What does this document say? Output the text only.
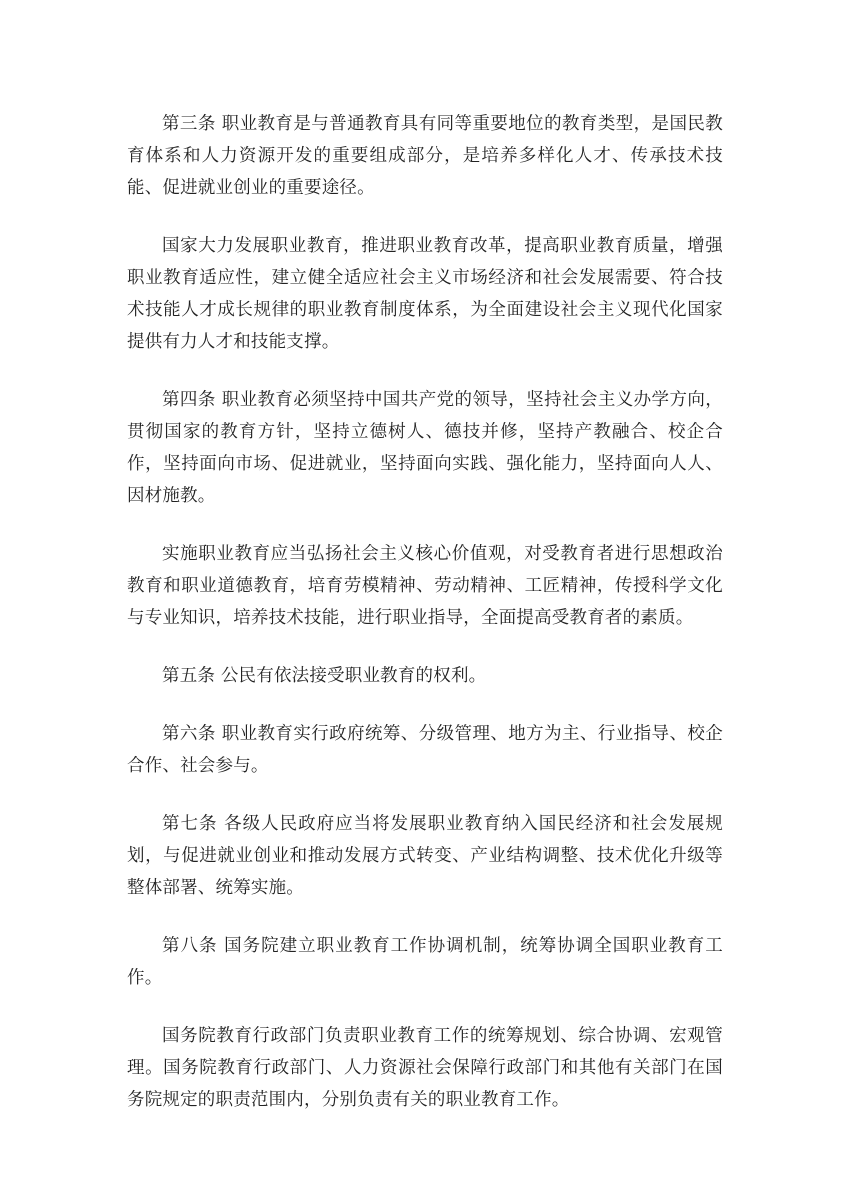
第三条 职业教育是与普通教育具有同等重要地位的教育类型，是国民教育体系和人力资源开发的重要组成部分，是培养多样化人才、传承技术技能、促进就业创业的重要途径。

国家大力发展职业教育，推进职业教育改革，提高职业教育质量，增强职业教育适应性，建立健全适应社会主义市场经济和社会发展需要、符合技术技能人才成长规律的职业教育制度体系，为全面建设社会主义现代化国家提供有力人才和技能支撑。

第四条 职业教育必须坚持中国共产党的领导，坚持社会主义办学方向，贯彻国家的教育方针，坚持立德树人、德技并修，坚持产教融合、校企合作，坚持面向市场、促进就业，坚持面向实践、强化能力，坚持面向人人、因材施教。

实施职业教育应当弘扬社会主义核心价值观，对受教育者进行思想政治教育和职业道德教育，培育劳模精神、劳动精神、工匠精神，传授科学文化与专业知识，培养技术技能，进行职业指导，全面提高受教育者的素质。

第五条 公民有依法接受职业教育的权利。

第六条 职业教育实行政府统筹、分级管理、地方为主、行业指导、校企合作、社会参与。

第七条 各级人民政府应当将发展职业教育纳入国民经济和社会发展规划，与促进就业创业和推动发展方式转变、产业结构调整、技术优化升级等整体部署、统筹实施。

第八条 国务院建立职业教育工作协调机制，统筹协调全国职业教育工作。

国务院教育行政部门负责职业教育工作的统筹规划、综合协调、宏观管理。国务院教育行政部门、人力资源社会保障行政部门和其他有关部门在国务院规定的职责范围内，分别负责有关的职业教育工作。
